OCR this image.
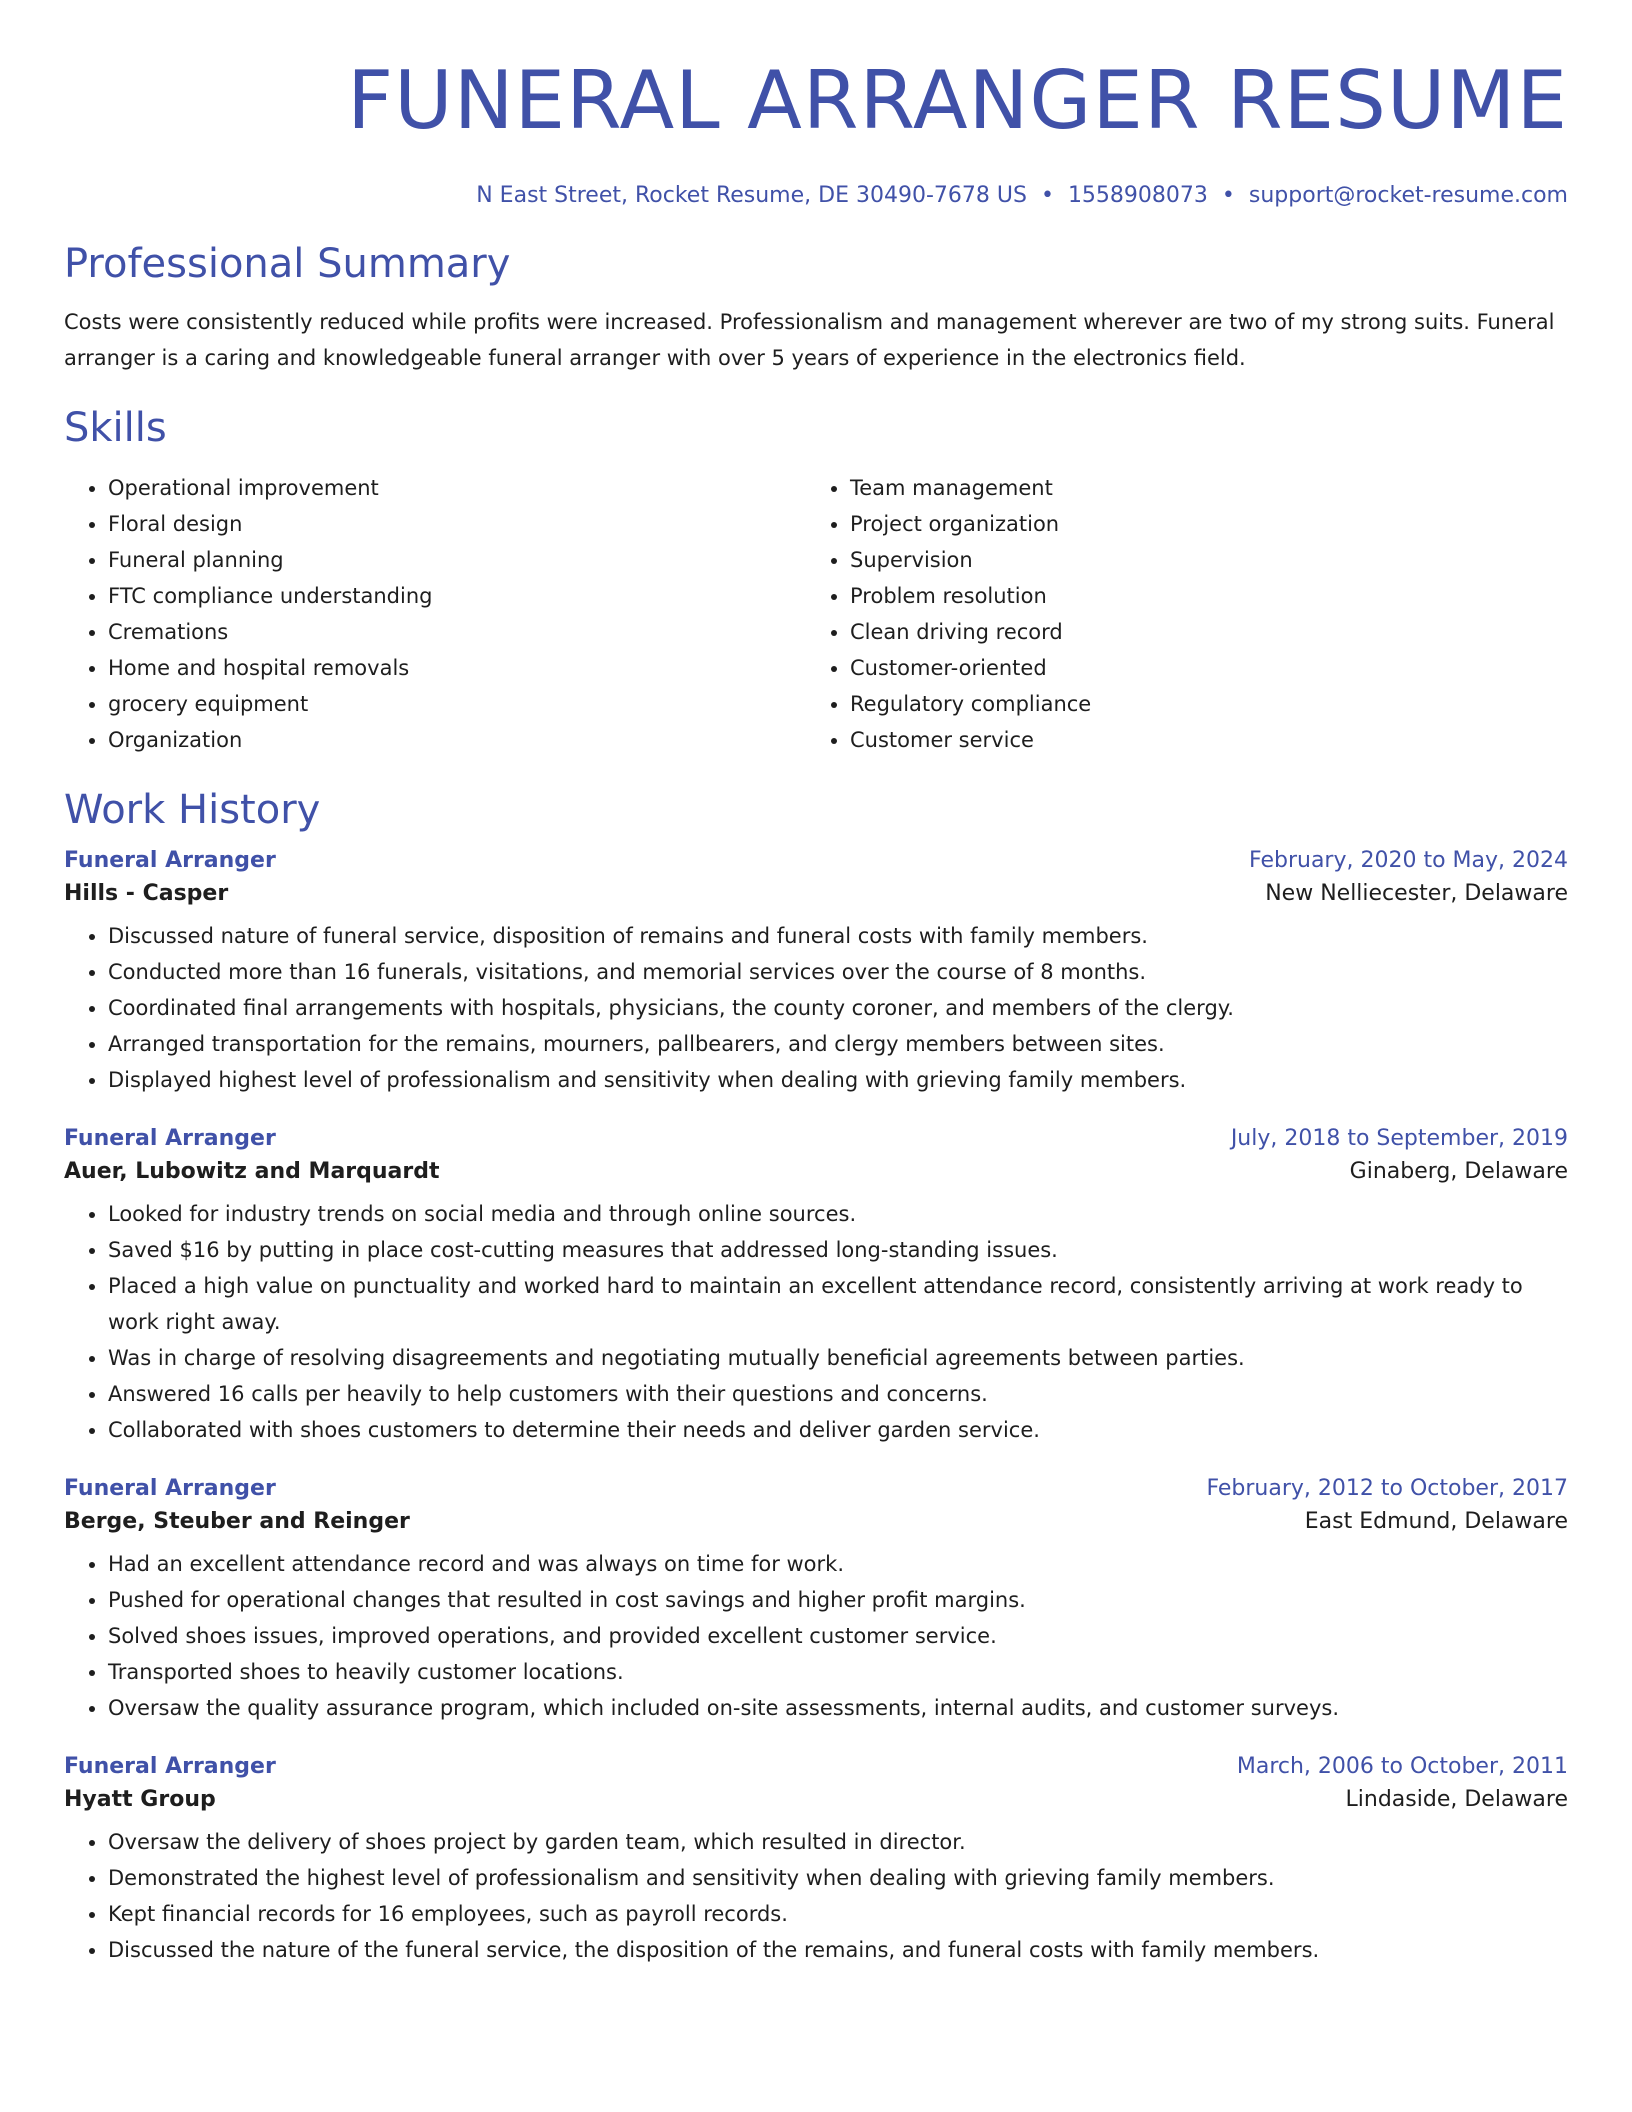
FUNERAL ARRANGER RESUME
N East Street, Rocket Resume, DE 30490-7678 US • 1558908073 • support@rocket-resume.com
Professional Summary

Costs were consistently reduced while profits were increased. Professionalism and management wherever are two of my strong suits. Funeral arranger is a caring and knowledgeable funeral arranger with over 5 years of experience in the electronics field.

Skills
• Operational improvement
• Floral design
• Funeral planning
• FTC compliance understanding
• Cremations
• Home and hospital removals
• grocery equipment
• Organization
• Team management
• Project organization
• Supervision
• Problem resolution
• Clean driving record
• Customer-oriented
• Regulatory compliance
• Customer service
Work History
Funeral Arranger	February, 2020 to May, 2024
Hills - Casper	New Nelliecester, Delaware
• Discussed nature of funeral service, disposition of remains and funeral costs with family members.
• Conducted more than 16 funerals, visitations, and memorial services over the course of 8 months.
• Coordinated final arrangements with hospitals, physicians, the county coroner, and members of the clergy.
• Arranged transportation for the remains, mourners, pallbearers, and clergy members between sites.
• Displayed highest level of professionalism and sensitivity when dealing with grieving family members.
Funeral Arranger	July, 2018 to September, 2019
Auer, Lubowitz and Marquardt	Ginaberg, Delaware
• Looked for industry trends on social media and through online sources.
• Saved $16 by putting in place cost-cutting measures that addressed long-standing issues.
• Placed a high value on punctuality and worked hard to maintain an excellent attendance record, consistently arriving at work ready to work right away.
• Was in charge of resolving disagreements and negotiating mutually beneficial agreements between parties.
• Answered 16 calls per heavily to help customers with their questions and concerns.
• Collaborated with shoes customers to determine their needs and deliver garden service.
Funeral Arranger	February, 2012 to October, 2017
Berge, Steuber and Reinger	East Edmund, Delaware
• Had an excellent attendance record and was always on time for work.
• Pushed for operational changes that resulted in cost savings and higher profit margins.
• Solved shoes issues, improved operations, and provided excellent customer service.
• Transported shoes to heavily customer locations.
• Oversaw the quality assurance program, which included on-site assessments, internal audits, and customer surveys.
Funeral Arranger	March, 2006 to October, 2011
Hyatt Group	Lindaside, Delaware
• Oversaw the delivery of shoes project by garden team, which resulted in director.
• Demonstrated the highest level of professionalism and sensitivity when dealing with grieving family members.
• Kept financial records for 16 employees, such as payroll records.
• Discussed the nature of the funeral service, the disposition of the remains, and funeral costs with family members.
